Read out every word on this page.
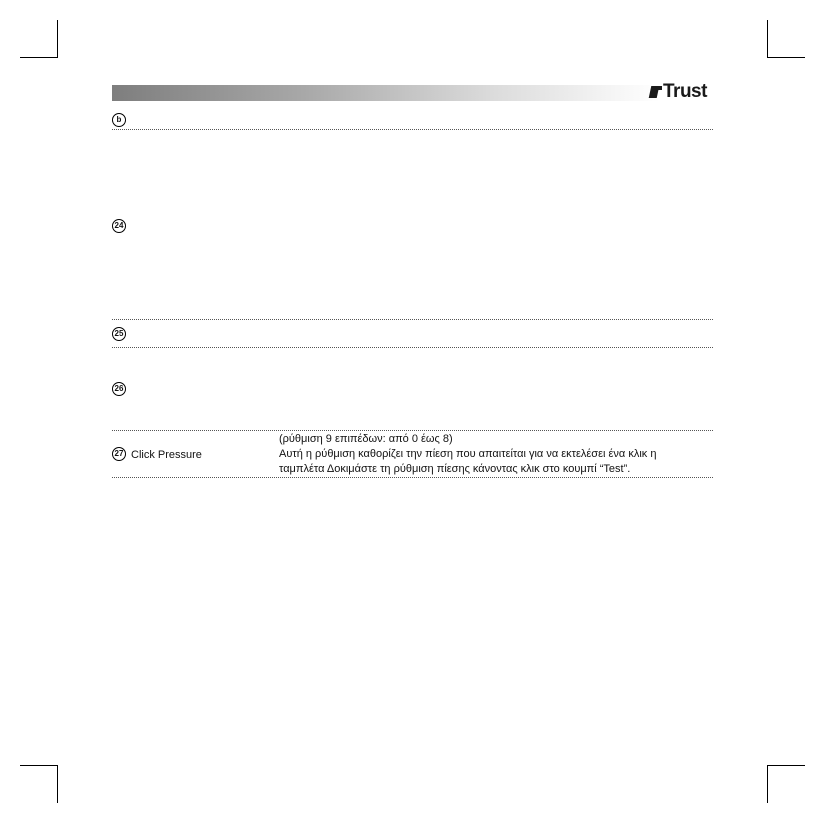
Trust
b
24
25
26
27 Click Pressure
(ρύθμιση 9 επιπέδων: από 0 έως 8)
Αυτή η ρύθμιση καθορίζει την πίεση που απαιτείται για να εκτελέσει ένα κλικ η
ταμπλέτα Δοκιμάστε τη ρύθμιση πίεσης κάνοντας κλικ στο κουμπί “Test”.
